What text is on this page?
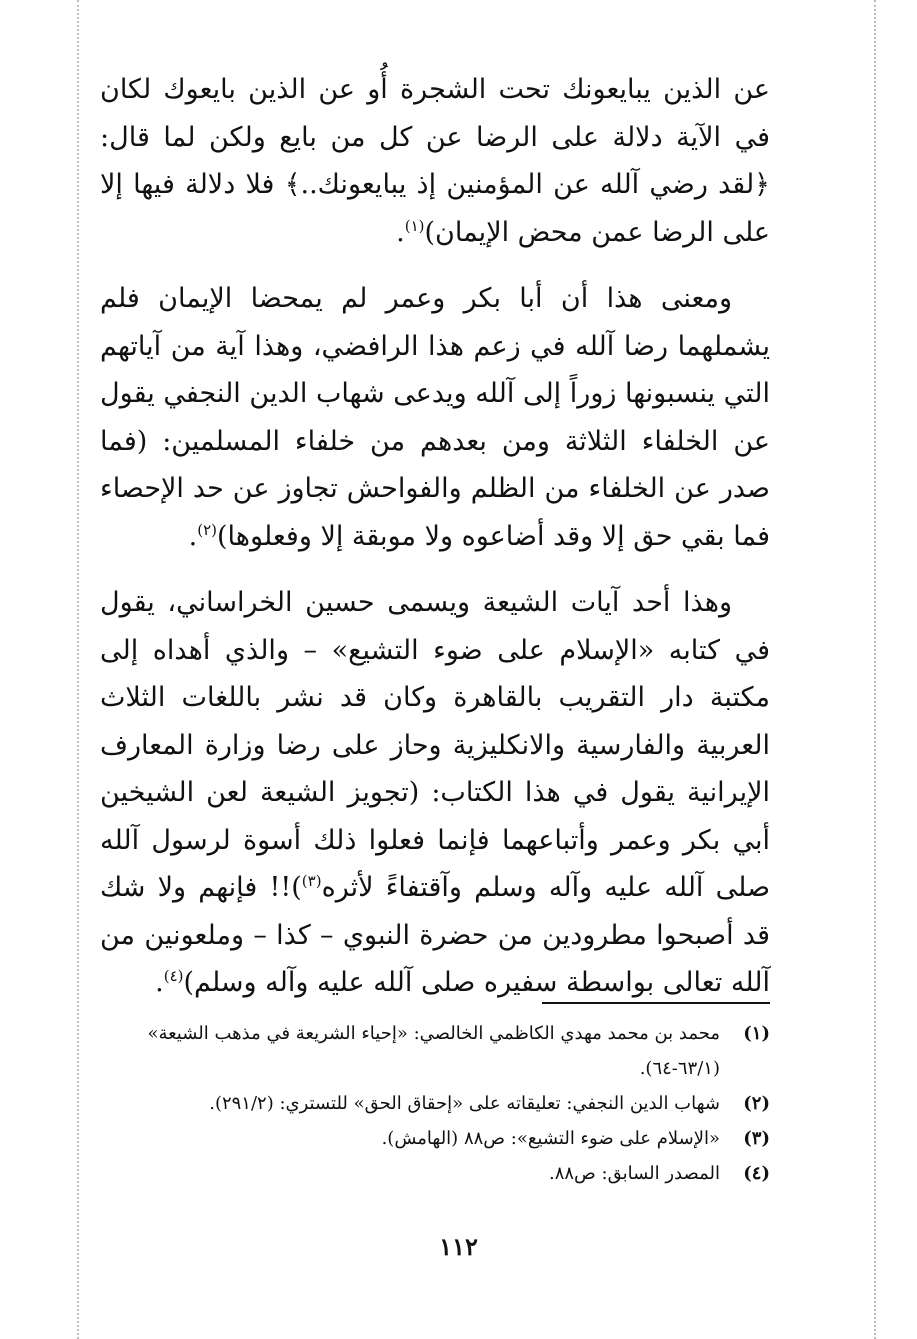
عن الذين يبايعونك تحت الشجرة أُو عن الذين بايعوك لكان في الآية دلالة على الرضا عن كل من بايع ولكن لما قال: ﴿لقد رضي آلله عن المؤمنين إذ يبايعونك..﴾ فلا دلالة فيها إلا على الرضا عمن محض الإيمان)$^{(١)}$.

ومعنى هذا أن أبا بكر وعمر لم يمحضا الإيمان فلم يشملهما رضا آلله في زعم هذا الرافضي، وهذا آية من آياتهم التي ينسبونها زوراً إلى آلله ويدعى شهاب الدين النجفي يقول عن الخلفاء الثلاثة ومن بعدهم من خلفاء المسلمين: (فما صدر عن الخلفاء من الظلم والفواحش تجاوز عن حد الإحصاء فما بقي حق إلا وقد أضاعوه ولا موبقة إلا وفعلوها)$^{(٢)}$.

وهذا أحد آيات الشيعة ويسمى حسين الخراساني، يقول في كتابه «الإسلام على ضوء التشيع» – والذي أهداه إلى مكتبة دار التقريب بالقاهرة وكان قد نشر باللغات الثلاث العربية والفارسية والانكليزية وحاز على رضا وزارة المعارف الإيرانية يقول في هذا الكتاب: (تجويز الشيعة لعن الشيخين أبي بكر وعمر وأتباعهما فإنما فعلوا ذلك أسوة لرسول آلله صلى آلله عليه وآله وسلم وآقتفاءً لأثره$^{(٣)}$)!! فإنهم ولا شك قد أصبحوا مطرودين من حضرة النبوي – كذا – وملعونين من آلله تعالى بواسطة سفيره صلى آلله عليه وآله وسلم)$^{(٤)}$.

(١)
محمد بن محمد مهدي الكاظمي الخالصي: «إحياء الشريعة في مذهب الشيعة» (٦٣/١-٦٤).
(٢)
شهاب الدين النجفي: تعليقاته على «إحقاق الحق» للتستري: (٢٩١/٢).
(٣)
«الإسلام على ضوء التشيع»: ص٨٨ (الهامش).
(٤)
المصدر السابق: ص٨٨.
١١٢
